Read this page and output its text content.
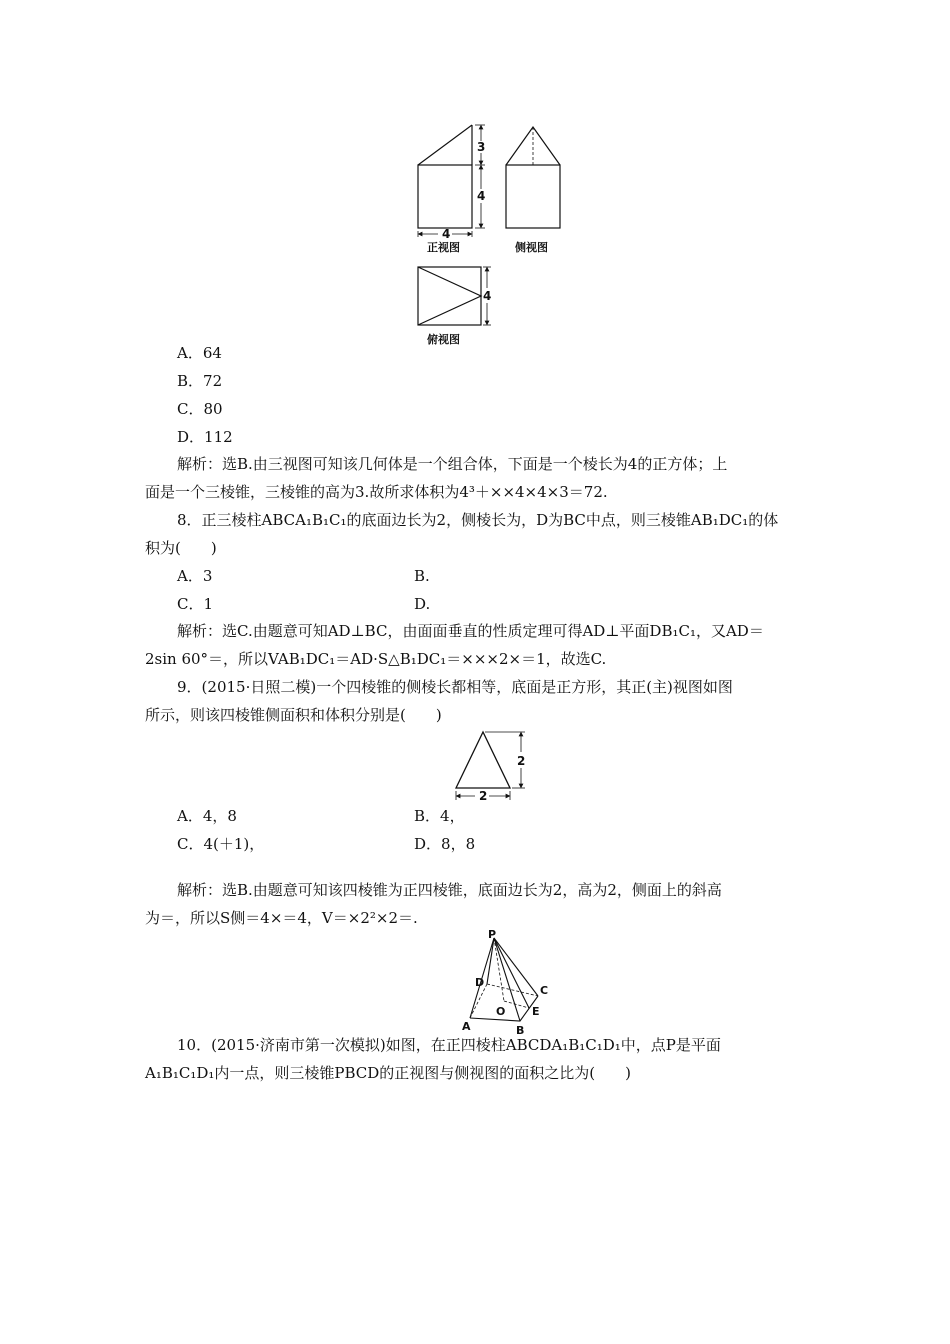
3
4
4
正视图	侧视图
4
俯视图
A．64
B．72
C．80
D．112
解析：选B.由三视图可知该几何体是一个组合体，下面是一个棱长为4的正方体；上
面是一个三棱锥，三棱锥的高为3.故所求体积为4³＋××4×4×3＝72.
8．正三棱柱ABCA₁B₁C₁的底面边长为2，侧棱长为，D为BC中点，则三棱锥AB₁DC₁的体
积为(　　)
A．3	B.
C．1	D.
解析：选C.由题意可知AD⊥BC，由面面垂直的性质定理可得AD⊥平面DB₁C₁，又AD＝
2sin 60°＝，所以VAB₁DC₁＝AD·S△B₁DC₁＝×××2×＝1，故选C.
9．(2015·日照二模)一个四棱锥的侧棱长都相等，底面是正方形，其正(主)视图如图
所示，则该四棱锥侧面积和体积分别是(　　)
2
2
A．4，8	B．4，
C．4(＋1)，	D．8，8
解析：选B.由题意可知该四棱锥为正四棱锥，底面边长为2，高为2，侧面上的斜高
为＝，所以S侧＝4×＝4，V＝×2²×2＝.
P
D
C
E
O
A	B
10．(2015·济南市第一次模拟)如图，在正四棱柱ABCDA₁B₁C₁D₁中，点P是平面
A₁B₁C₁D₁内一点，则三棱锥PBCD的正视图与侧视图的面积之比为(　　)
